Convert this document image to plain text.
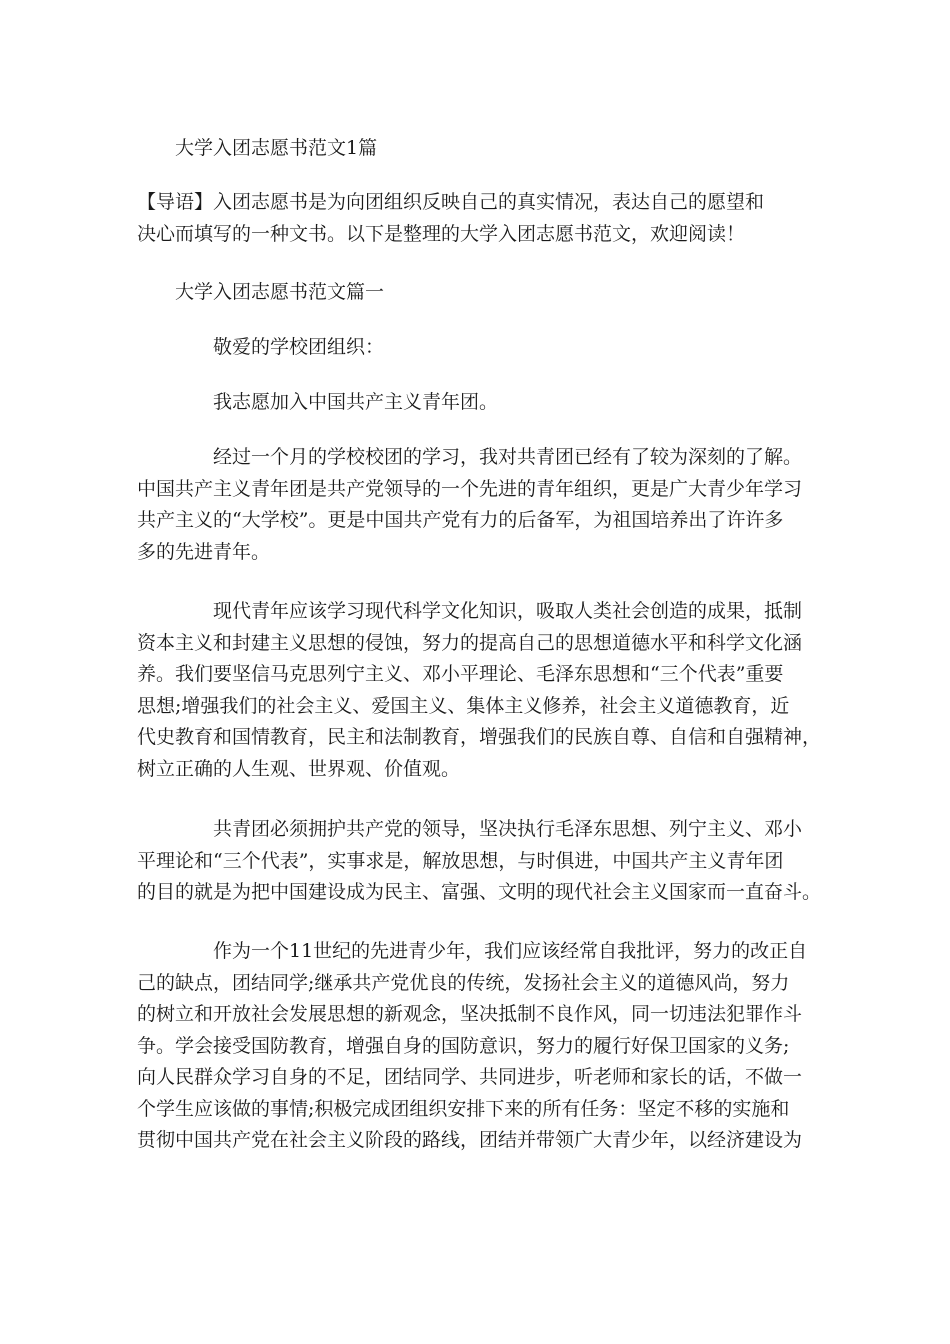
大学入团志愿书范文1篇

【导语】入团志愿书是为向团组织反映自己的真实情况，表达自己的愿望和
决心而填写的一种文书。以下是整理的大学入团志愿书范文，欢迎阅读！

大学入团志愿书范文篇一

敬爱的学校团组织：

我志愿加入中国共产主义青年团。

经过一个月的学校校团的学习，我对共青团已经有了较为深刻的了解。
中国共产主义青年团是共产党领导的一个先进的青年组织，更是广大青少年学习
共产主义的“大学校”。更是中国共产党有力的后备军，为祖国培养出了许许多
多的先进青年。

现代青年应该学习现代科学文化知识，吸取人类社会创造的成果，抵制
资本主义和封建主义思想的侵蚀，努力的提高自己的思想道德水平和科学文化涵
养。我们要坚信马克思列宁主义、邓小平理论、毛泽东思想和“三个代表”重要
思想;增强我们的社会主义、爱国主义、集体主义修养，社会主义道德教育，近
代史教育和国情教育，民主和法制教育，增强我们的民族自尊、自信和自强精神，
树立正确的人生观、世界观、价值观。

共青团必须拥护共产党的领导，坚决执行毛泽东思想、列宁主义、邓小
平理论和“三个代表”，实事求是，解放思想，与时俱进，中国共产主义青年团
的目的就是为把中国建设成为民主、富强、文明的现代社会主义国家而一直奋斗。

作为一个11世纪的先进青少年，我们应该经常自我批评，努力的改正自
己的缺点，团结同学;继承共产党优良的传统，发扬社会主义的道德风尚，努力
的树立和开放社会发展思想的新观念，坚决抵制不良作风，同一切违法犯罪作斗
争。学会接受国防教育，增强自身的国防意识，努力的履行好保卫国家的义务;
向人民群众学习自身的不足，团结同学、共同进步，听老师和家长的话，不做一
个学生应该做的事情;积极完成团组织安排下来的所有任务：坚定不移的实施和
贯彻中国共产党在社会主义阶段的路线，团结并带领广大青少年，以经济建设为
